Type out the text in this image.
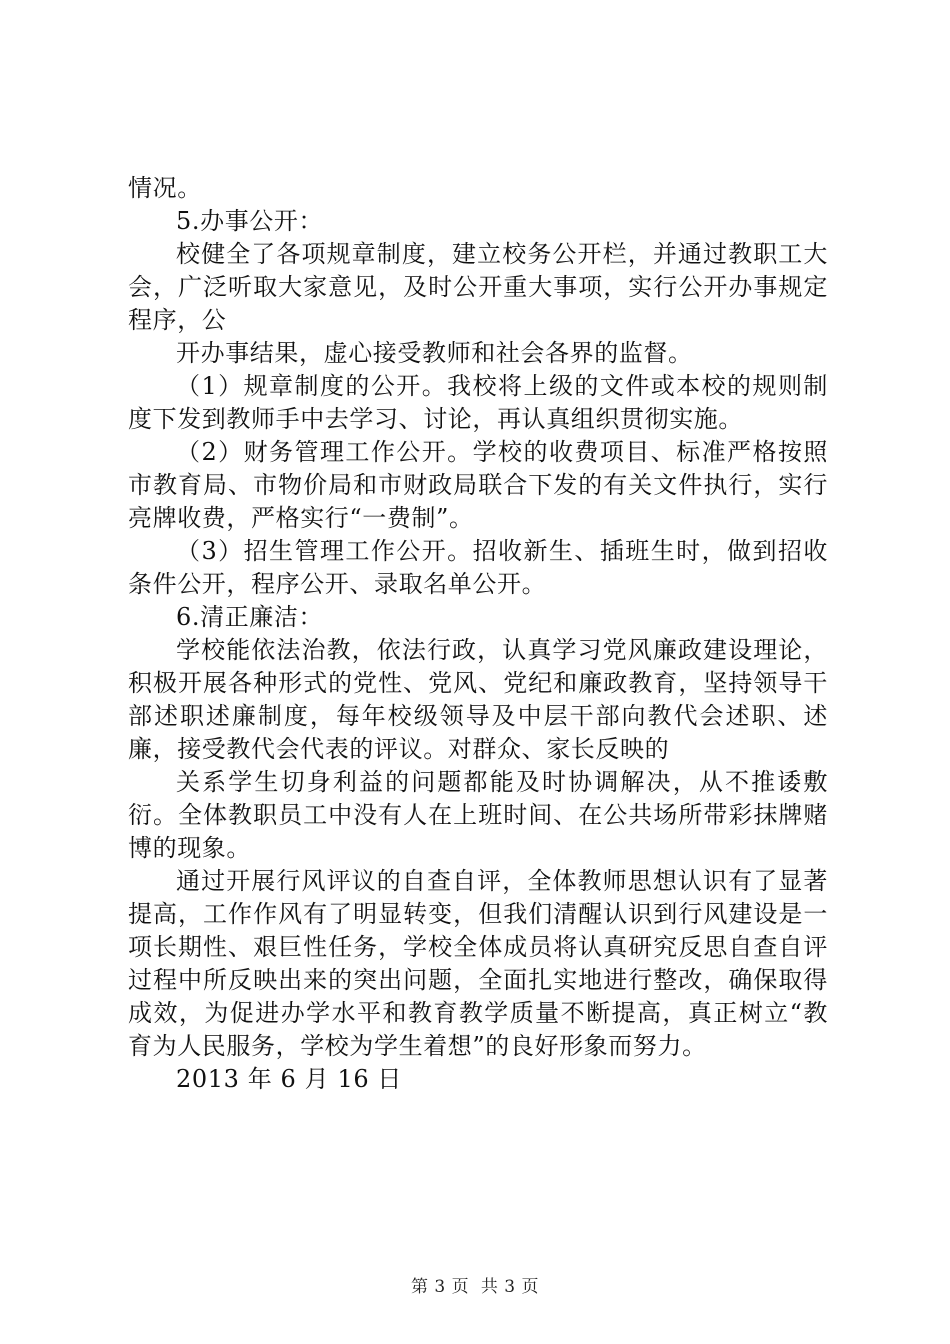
情况。

5.办事公开：

校健全了各项规章制度，建立校务公开栏，并通过教职工大会，广泛听取大家意见，及时公开重大事项，实行公开办事规定程序，公

开办事结果，虚心接受教师和社会各界的监督。

（1）规章制度的公开。我校将上级的文件或本校的规则制度下发到教师手中去学习、讨论，再认真组织贯彻实施。

（2）财务管理工作公开。学校的收费项目、标准严格按照市教育局、市物价局和市财政局联合下发的有关文件执行，实行亮牌收费，严格实行“一费制”。

（3）招生管理工作公开。招收新生、插班生时，做到招收条件公开，程序公开、录取名单公开。

6.清正廉洁：

学校能依法治教，依法行政，认真学习党风廉政建设理论，积极开展各种形式的党性、党风、党纪和廉政教育，坚持领导干部述职述廉制度，每年校级领导及中层干部向教代会述职、述廉，接受教代会代表的评议。对群众、家长反映的

关系学生切身利益的问题都能及时协调解决，从不推诿敷衍。全体教职员工中没有人在上班时间、在公共场所带彩抹牌赌博的现象。

通过开展行风评议的自查自评，全体教师思想认识有了显著提高，工作作风有了明显转变，但我们清醒认识到行风建设是一项长期性、艰巨性任务，学校全体成员将认真研究反思自查自评过程中所反映出来的突出问题，全面扎实地进行整改，确保取得成效，为促进办学水平和教育教学质量不断提高，真正树立“教育为人民服务，学校为学生着想”的良好形象而努力。

2013 年 6 月 16 日

第 3 页  共 3 页
